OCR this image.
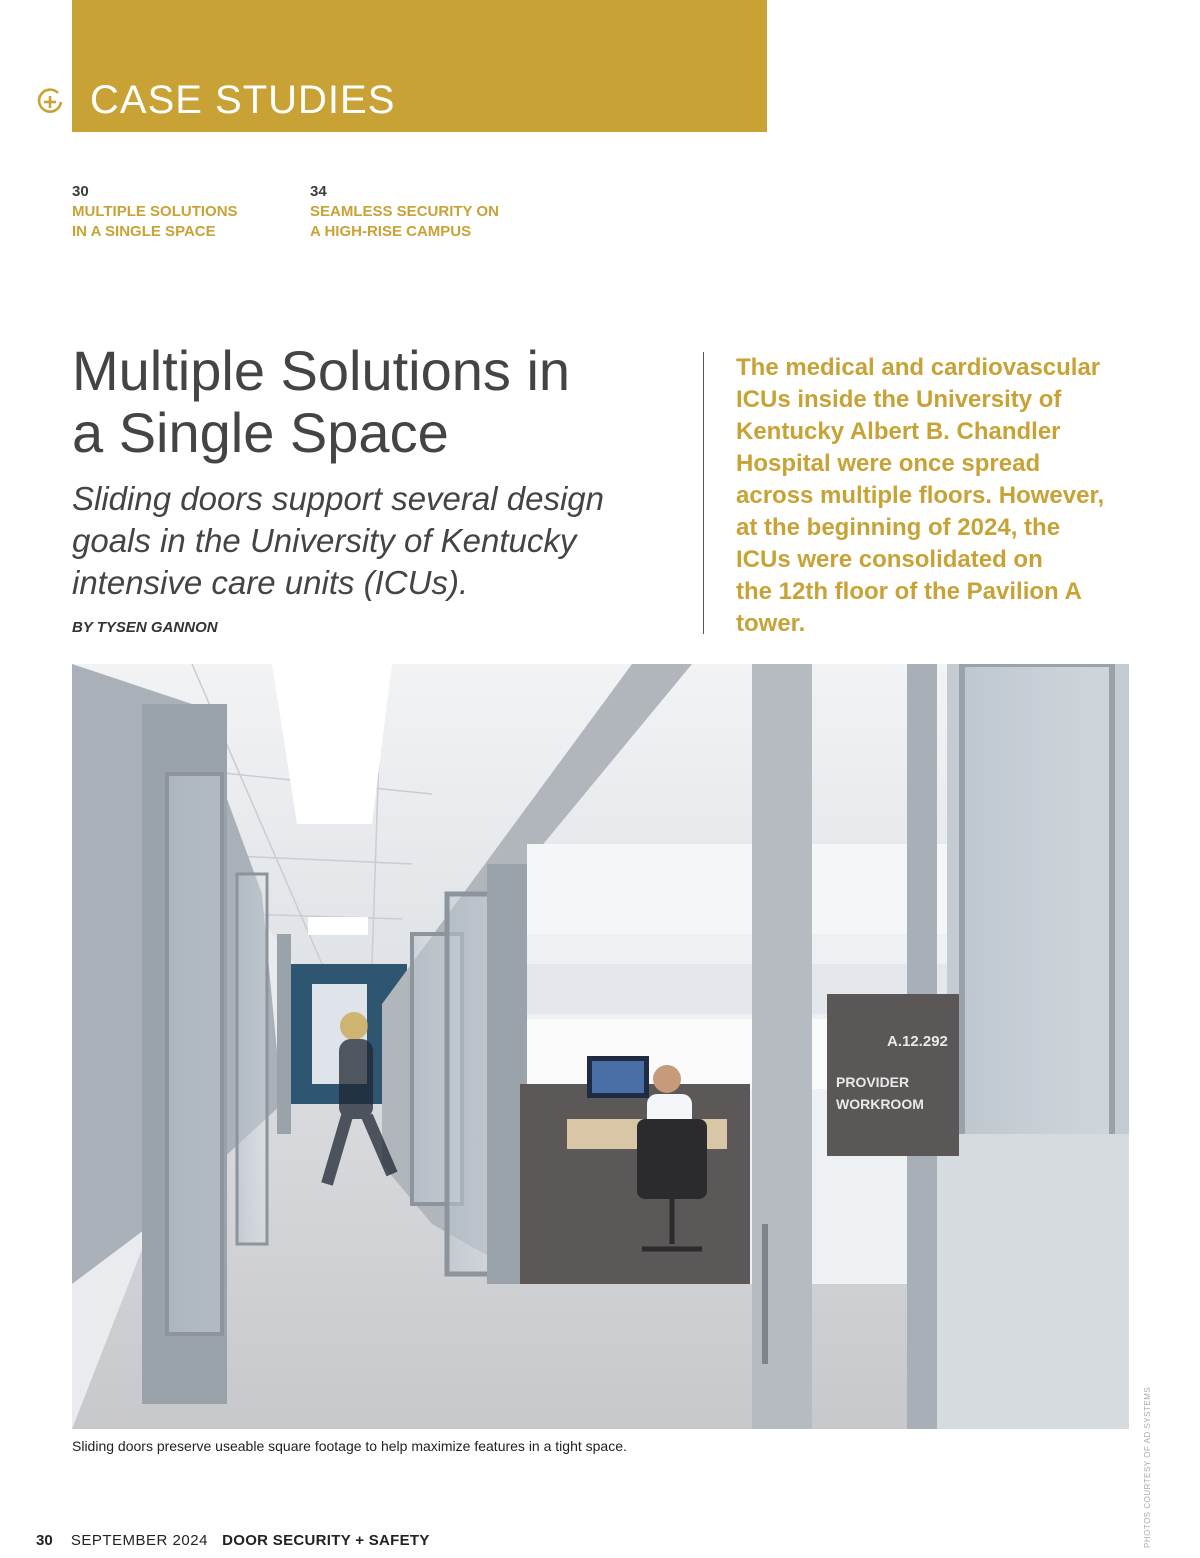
CASE STUDIES
30
MULTIPLE SOLUTIONS
IN A SINGLE SPACE
34
SEAMLESS SECURITY ON
A HIGH-RISE CAMPUS
Multiple Solutions in
a Single Space

Sliding doors support several design
goals in the University of Kentucky
intensive care units (ICUs).

BY TYSEN GANNON

The medical and cardiovascular
ICUs inside the University of
Kentucky Albert B. Chandler
Hospital were once spread
across multiple floors. However,
at the beginning of 2024, the
ICUs were consolidated on
the 12th floor of the Pavilion A
tower.

A.12.292
PROVIDER
WORKROOM
Sliding doors preserve useable square footage to help maximize features in a tight space.	PHOTOS COURTESY OF AD SYSTEMS
30 SEPTEMBER 2024 DOOR SECURITY + SAFETY
